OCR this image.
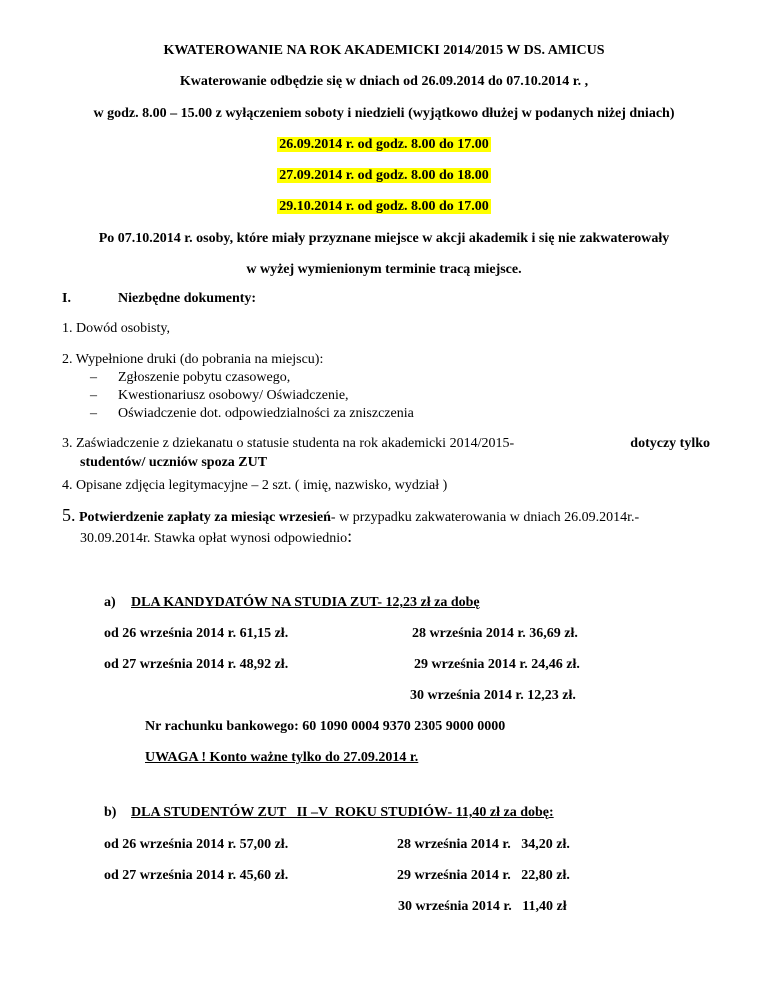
KWATEROWANIE NA ROK AKADEMICKI 2014/2015 W DS. AMICUS
Kwaterowanie odbędzie się w dniach od 26.09.2014 do 07.10.2014 r. ,
w godz. 8.00 – 15.00 z wyłączeniem soboty i niedzieli (wyjątkowo dłużej w podanych niżej dniach)
26.09.2014 r. od godz. 8.00 do 17.00
27.09.2014 r. od godz. 8.00 do 18.00
29.10.2014 r. od godz. 8.00 do 17.00
Po 07.10.2014 r. osoby, które miały przyznane miejsce w akcji akademik i się nie zakwaterowały
w wyżej wymienionym terminie tracą miejsce.
I.	Niezbędne dokumenty:
1. Dowód osobisty,
2. Wypełnione druki (do pobrania na miejscu):
– Zgłoszenie pobytu czasowego,
– Kwestionariusz osobowy/ Oświadczenie,
– Oświadczenie dot. odpowiedzialności za zniszczenia
3. Zaświadczenie z dziekanatu o statusie studenta na rok akademicki 2014/2015-	dotyczy tylko
studentów/ uczniów spoza ZUT
4. Opisane zdjęcia legitymacyjne – 2 szt. ( imię, nazwisko, wydział )
5. Potwierdzenie zapłaty za miesiąc wrzesień- w przypadku zakwaterowania w dniach 26.09.2014r.-
30.09.2014r. Stawka opłat wynosi odpowiednio:
a) DLA KANDYDATÓW NA STUDIA ZUT- 12,23 zł za dobę
od 26 września 2014 r. 61,15 zł.	28 września 2014 r. 36,69 zł.
od 27 września 2014 r. 48,92 zł.	29 września 2014 r. 24,46 zł.
30 września 2014 r. 12,23 zł.
Nr rachunku bankowego: 60 1090 0004 9370 2305 9000 0000
UWAGA ! Konto ważne tylko do 27.09.2014 r.
b) DLA STUDENTÓW ZUT   II –V  ROKU STUDIÓW- 11,40 zł za dobę:
od 26 września 2014 r. 57,00 zł.	28 września 2014 r.   34,20 zł.
od 27 września 2014 r. 45,60 zł.	29 września 2014 r.   22,80 zł.
30 września 2014 r.   11,40 zł
